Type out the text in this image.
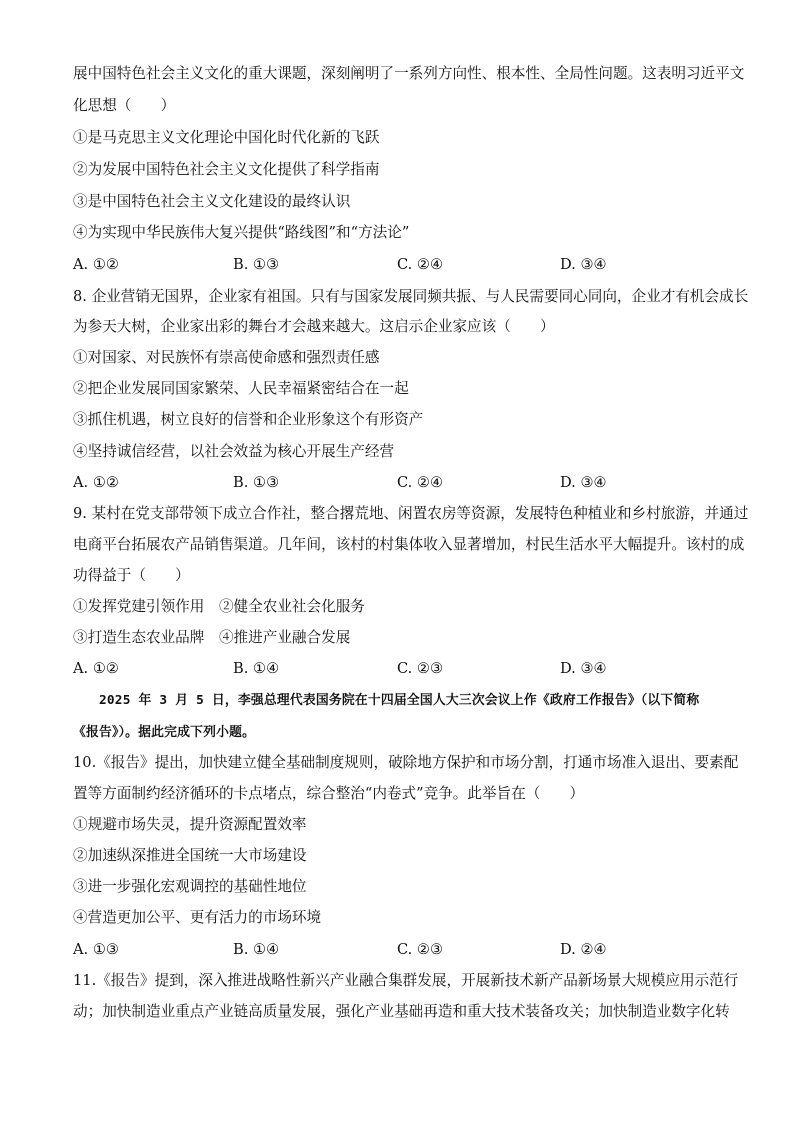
展中国特色社会主义文化的重大课题，深刻阐明了一系列方向性、根本性、全局性问题。这表明习近平文
化思想（　　）
①是马克思主义文化理论中国化时代化新的飞跃
②为发展中国特色社会主义文化提供了科学指南
③是中国特色社会主义文化建设的最终认识
④为实现中华民族伟大复兴提供“路线图”和“方法论”
A. ①②	B. ①③	C. ②④	D. ③④
8. 企业营销无国界，企业家有祖国。只有与国家发展同频共振、与人民需要同心同向，企业才有机会成长
为参天大树，企业家出彩的舞台才会越来越大。这启示企业家应该（　　）
①对国家、对民族怀有崇高使命感和强烈责任感
②把企业发展同国家繁荣、人民幸福紧密结合在一起
③抓住机遇，树立良好的信誉和企业形象这个有形资产
④坚持诚信经营，以社会效益为核心开展生产经营
A. ①②	B. ①③	C. ②④	D. ③④
9. 某村在党支部带领下成立合作社，整合撂荒地、闲置农房等资源，发展特色种植业和乡村旅游，并通过
电商平台拓展农产品销售渠道。几年间，该村的村集体收入显著增加，村民生活水平大幅提升。该村的成
功得益于（　　）
①发挥党建引领作用　②健全农业社会化服务
③打造生态农业品牌　④推进产业融合发展
A. ①②	B. ①④	C. ②③	D. ③④
　　2025 年 3 月 5 日，李强总理代表国务院在十四届全国人大三次会议上作《政府工作报告》（以下简称
《报告》）。据此完成下列小题。
10.《报告》提出，加快建立健全基础制度规则，破除地方保护和市场分割，打通市场准入退出、要素配
置等方面制约经济循环的卡点堵点，综合整治“内卷式”竞争。此举旨在（　　）
①规避市场失灵，提升资源配置效率
②加速纵深推进全国统一大市场建设
③进一步强化宏观调控的基础性地位
④营造更加公平、更有活力的市场环境
A. ①③	B. ①④	C. ②③	D. ②④
11.《报告》提到，深入推进战略性新兴产业融合集群发展，开展新技术新产品新场景大规模应用示范行
动；加快制造业重点产业链高质量发展，强化产业基础再造和重大技术装备攻关；加快制造业数字化转
